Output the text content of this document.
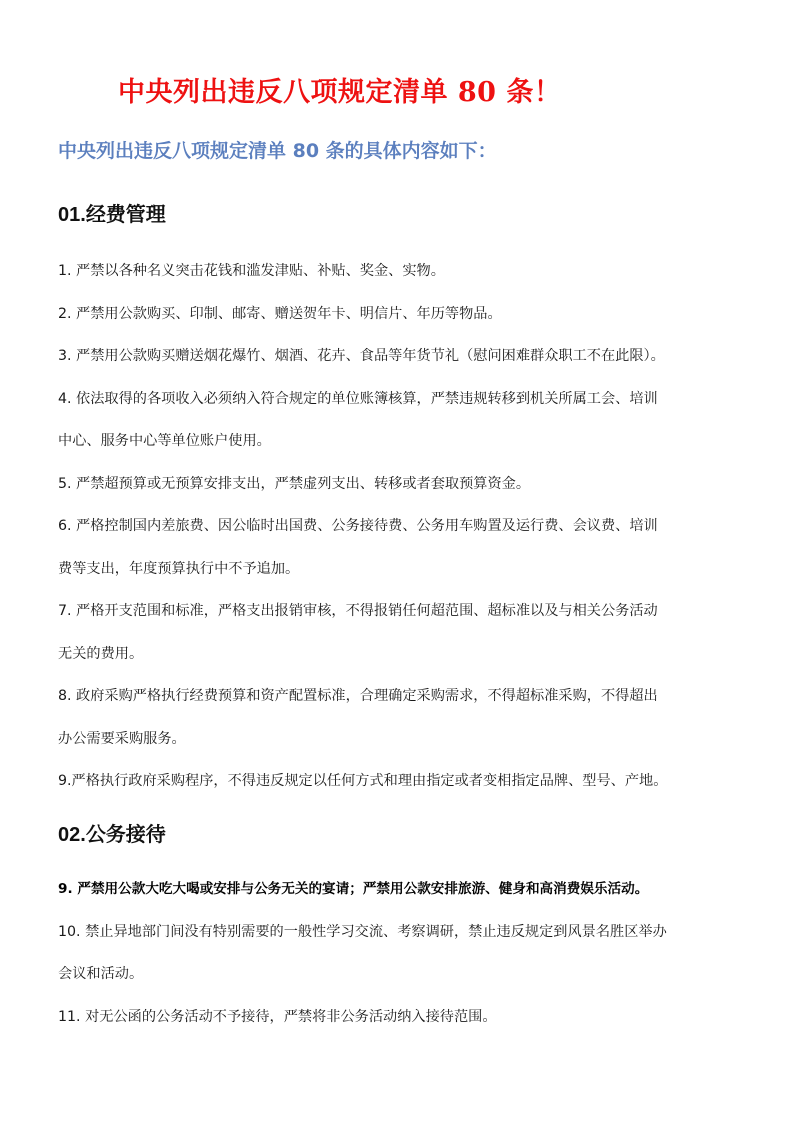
中央列出违反八项规定清单 80 条！
中央列出违反八项规定清单 80 条的具体内容如下：
01.经费管理
1. 严禁以各种名义突击花钱和滥发津贴、补贴、奖金、实物。
2. 严禁用公款购买、印制、邮寄、赠送贺年卡、明信片、年历等物品。
3. 严禁用公款购买赠送烟花爆竹、烟酒、花卉、食品等年货节礼（慰问困难群众职工不在此限）。
4. 依法取得的各项收入必须纳入符合规定的单位账簿核算，严禁违规转移到机关所属工会、培训
中心、服务中心等单位账户使用。
5. 严禁超预算或无预算安排支出，严禁虚列支出、转移或者套取预算资金。
6. 严格控制国内差旅费、因公临时出国费、公务接待费、公务用车购置及运行费、会议费、培训
费等支出，年度预算执行中不予追加。
7. 严格开支范围和标准，严格支出报销审核，不得报销任何超范围、超标准以及与相关公务活动
无关的费用。
8. 政府采购严格执行经费预算和资产配置标准，合理确定采购需求，不得超标准采购，不得超出
办公需要采购服务。
9.严格执行政府采购程序，不得违反规定以任何方式和理由指定或者变相指定品牌、型号、产地。
02.公务接待
9. 严禁用公款大吃大喝或安排与公务无关的宴请；严禁用公款安排旅游、健身和高消费娱乐活动。
10. 禁止异地部门间没有特别需要的一般性学习交流、考察调研，禁止违反规定到风景名胜区举办
会议和活动。
11. 对无公函的公务活动不予接待，严禁将非公务活动纳入接待范围。
